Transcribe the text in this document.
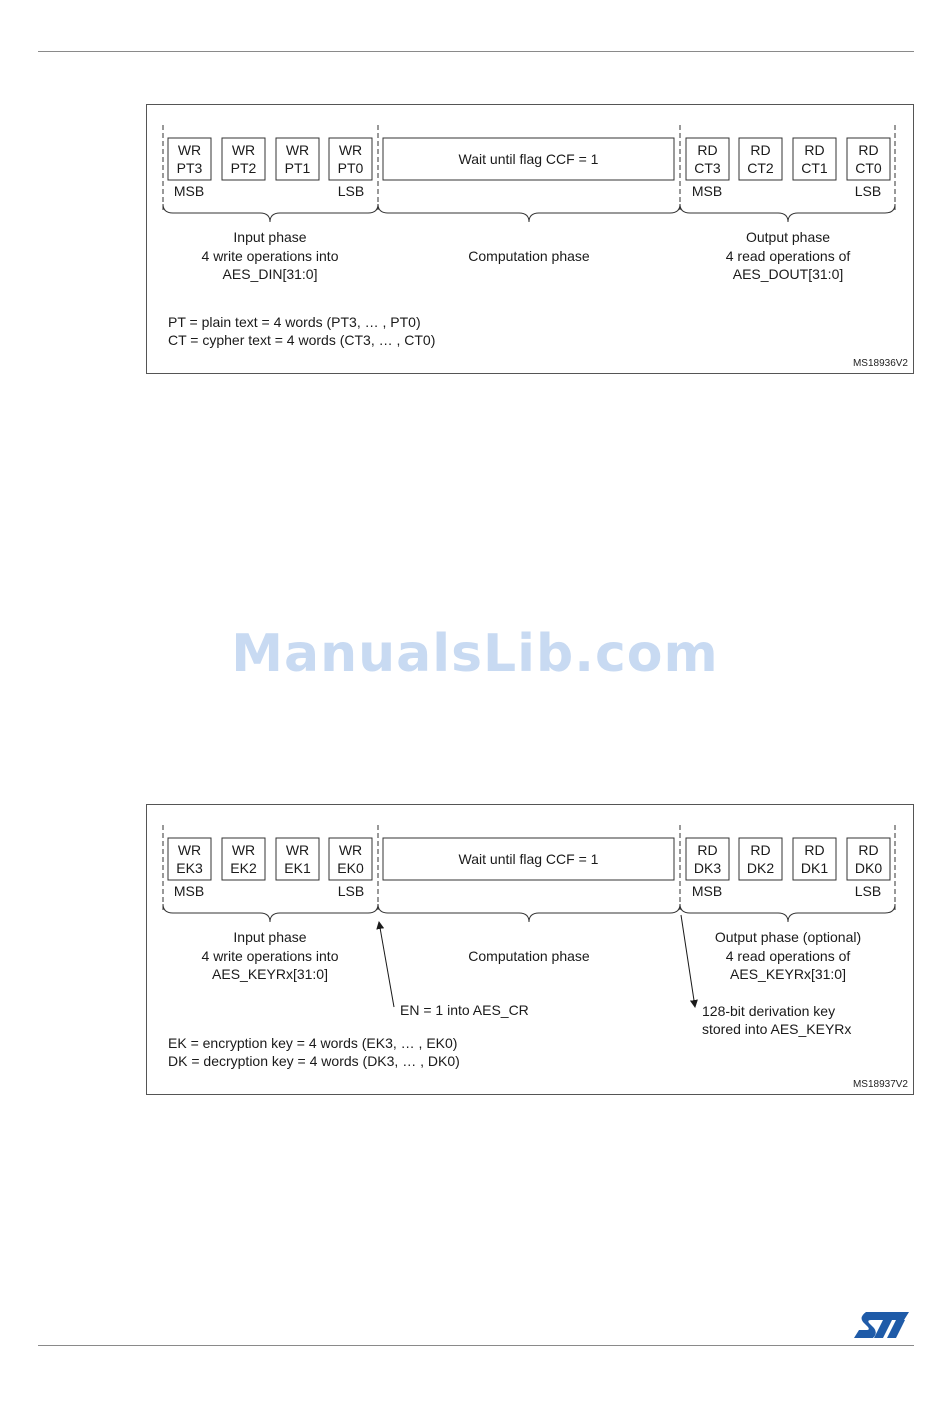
WR
PT3
WR
PT2
WR
PT1
WR
PT0
Wait until flag CCF = 1
RD
CT3
RD
CT2
RD
CT1
RD
CT0
MSB	LSB	MSB	LSB
Input phase
4 write operations into
AES_DIN[31:0]
Computation phase
Output phase
4 read operations of
AES_DOUT[31:0]
PT = plain text = 4 words (PT3, … , PT0)
CT = cypher text = 4 words (CT3, … , CT0)
MS18936V2
ManualsLib.com
WR
EK3
WR
EK2
WR
EK1
WR
EK0
Wait until flag CCF = 1
RD
DK3
RD
DK2
RD
DK1
RD
DK0
MSB	LSB	MSB	LSB
Input phase
4 write operations into
AES_KEYRx[31:0]
Computation phase
Output phase (optional)
4 read operations of
AES_KEYRx[31:0]
EN = 1 into AES_CR	128-bit derivation key
stored into AES_KEYRx
EK = encryption key = 4 words (EK3, … , EK0)
DK = decryption key = 4 words (DK3, … , DK0)
MS18937V2
